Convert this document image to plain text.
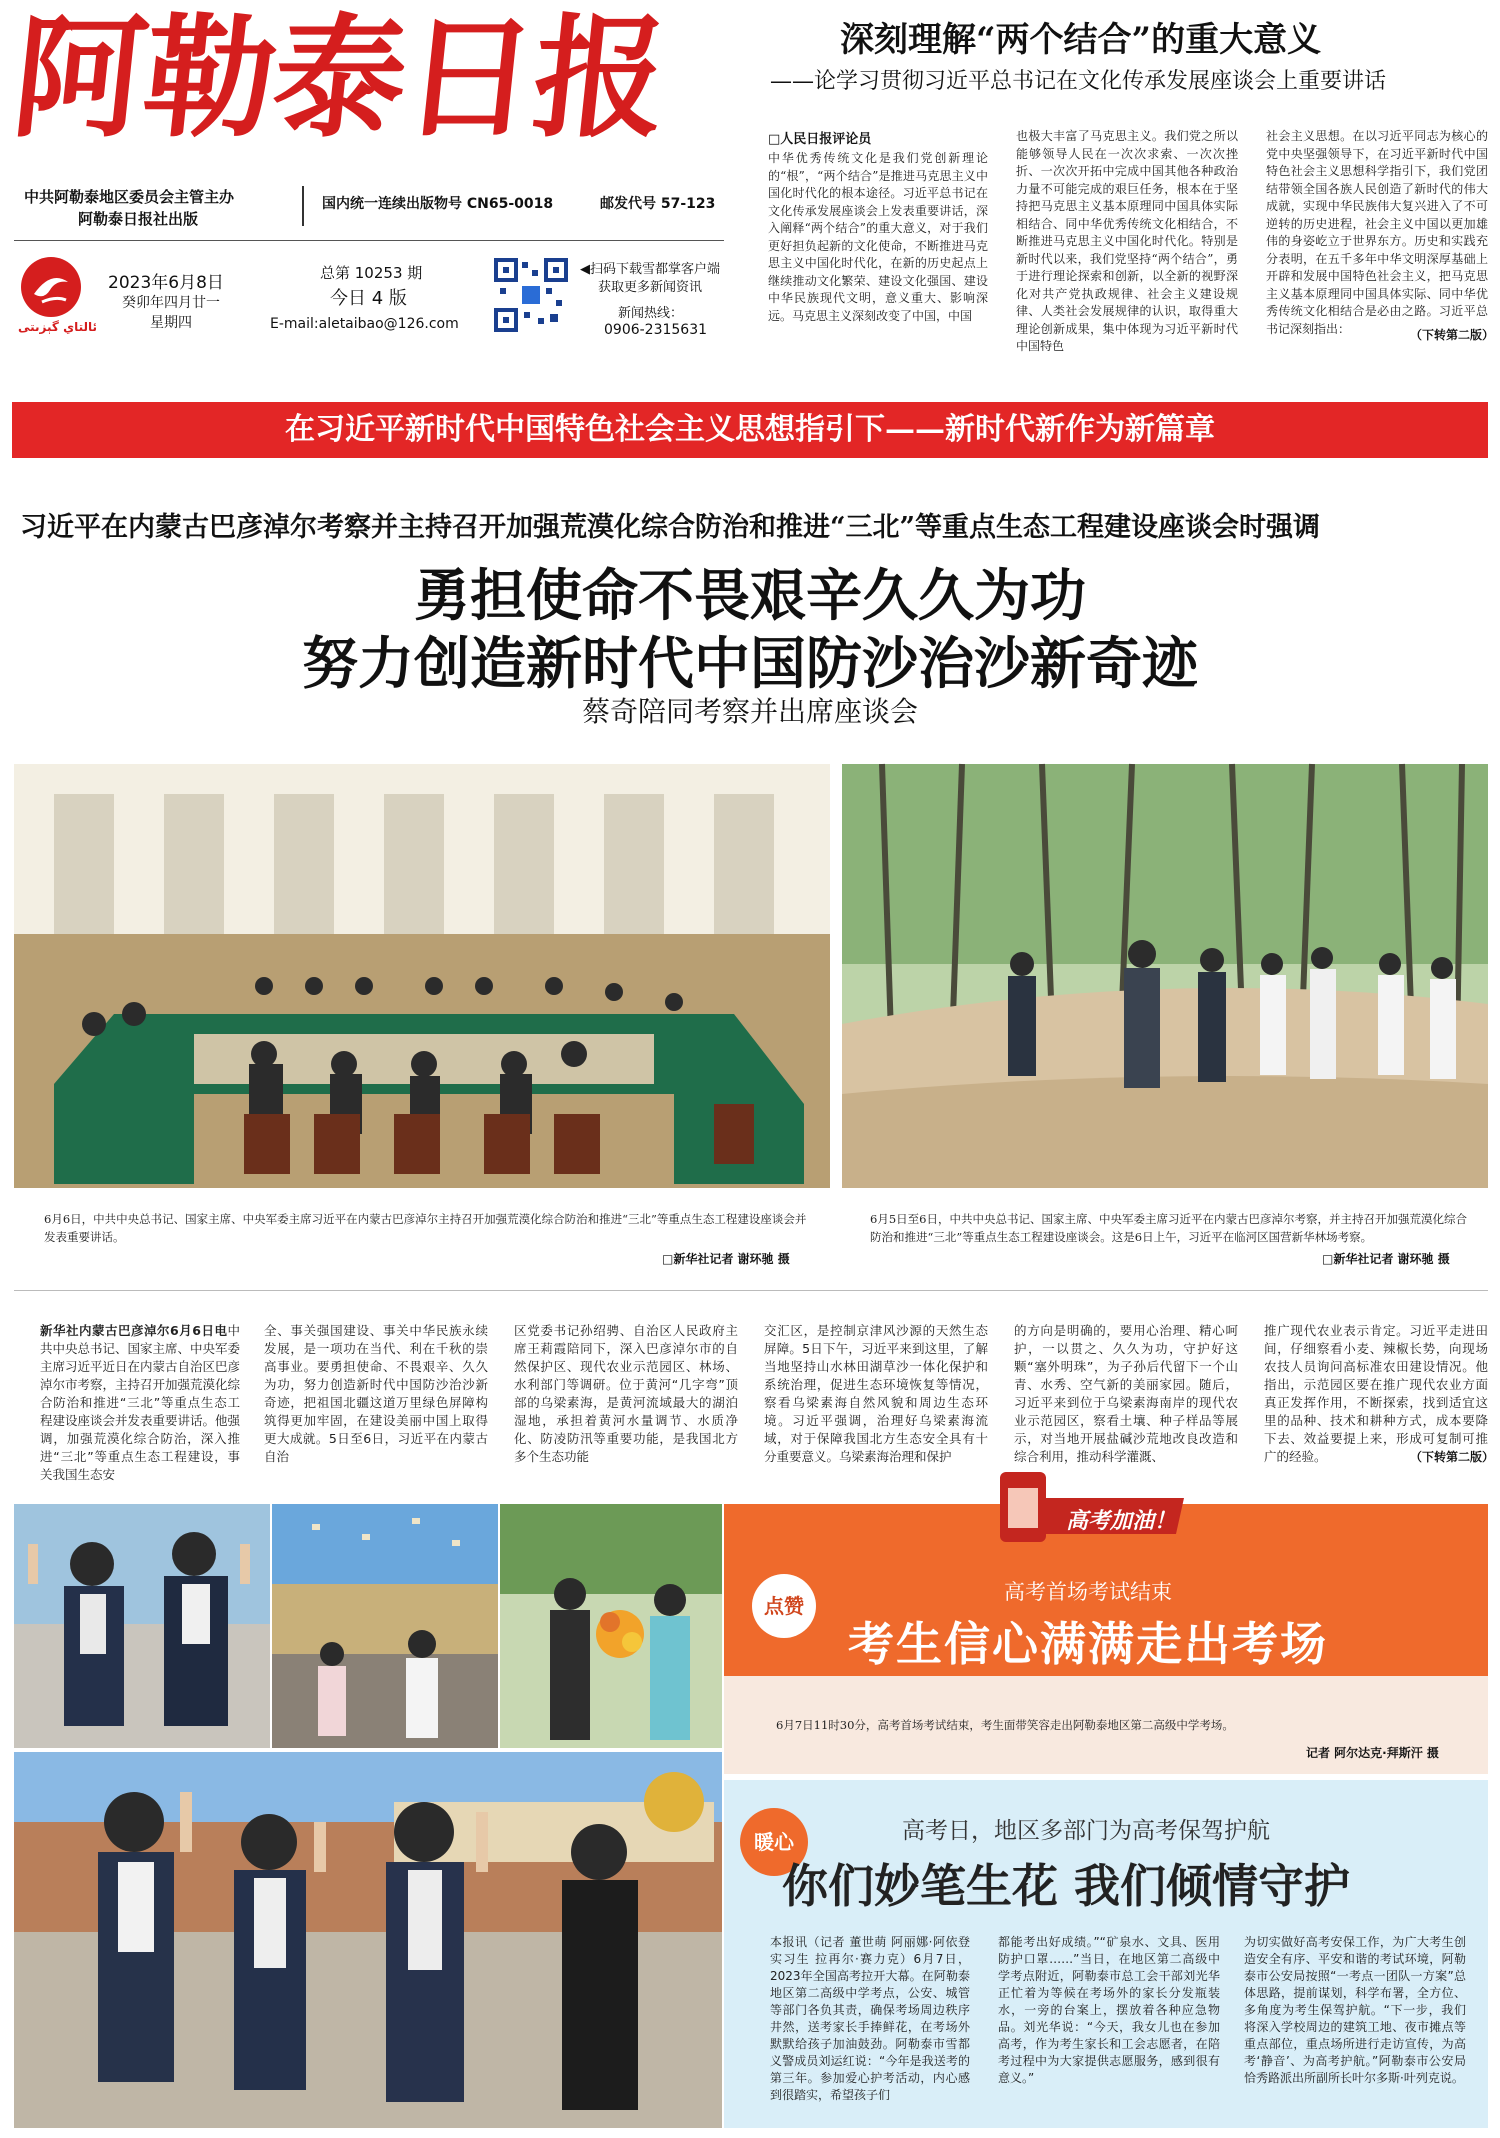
阿勒泰日报
中共阿勒泰地区委员会主管主办
阿勒泰日报社出版
国内统一连续出版物号 CN65-0018	邮发代号 57-123
ئالتاي گېزىتى
2023年6月8日
癸卯年四月廿一
星期四
总第 10253 期
今日 4 版
E-mail:aletaibao@126.com
◀扫码下载雪都掌客户端
获取更多新闻资讯
新闻热线：
0906-2315631
深刻理解“两个结合”的重大意义
——论学习贯彻习近平总书记在文化传承发展座谈会上重要讲话
□人民日报评论员
中华优秀传统文化是我们党创新理论的“根”，“两个结合”是推进马克思主义中国化时代化的根本途径。习近平总书记在文化传承发展座谈会上发表重要讲话，深入阐释“两个结合”的重大意义，对于我们更好担负起新的文化使命，不断推进马克思主义中国化时代化，在新的历史起点上继续推动文化繁荣、建设文化强国、建设中华民族现代文明，意义重大、影响深远。马克思主义深刻改变了中国，中国
也极大丰富了马克思主义。我们党之所以能够领导人民在一次次求索、一次次挫折、一次次开拓中完成中国其他各种政治力量不可能完成的艰巨任务，根本在于坚持把马克思主义基本原理同中国具体实际相结合、同中华优秀传统文化相结合，不断推进马克思主义中国化时代化。特别是新时代以来，我们党坚持“两个结合”，勇于进行理论探索和创新，以全新的视野深化对共产党执政规律、社会主义建设规律、人类社会发展规律的认识，取得重大理论创新成果，集中体现为习近平新时代中国特色
社会主义思想。在以习近平同志为核心的党中央坚强领导下，在习近平新时代中国特色社会主义思想科学指引下，我们党团结带领全国各族人民创造了新时代的伟大成就，实现中华民族伟大复兴进入了不可逆转的历史进程，社会主义中国以更加雄伟的身姿屹立于世界东方。历史和实践充分表明，在五千多年中华文明深厚基础上开辟和发展中国特色社会主义，把马克思主义基本原理同中国具体实际、同中华优秀传统文化相结合是必由之路。习近平总书记深刻指出：	（下转第二版）
在习近平新时代中国特色社会主义思想指引下——新时代新作为新篇章
习近平在内蒙古巴彦淖尔考察并主持召开加强荒漠化综合防治和推进“三北”等重点生态工程建设座谈会时强调
勇担使命不畏艰辛久久为功
努力创造新时代中国防沙治沙新奇迹
蔡奇陪同考察并出席座谈会
6月6日，中共中央总书记、国家主席、中央军委主席习近平在内蒙古巴彦淖尔主持召开加强荒漠化综合防治和推进“三北”等重点生态工程建设座谈会并发表重要讲话。
□新华社记者 谢环驰 摄
6月5日至6日，中共中央总书记、国家主席、中央军委主席习近平在内蒙古巴彦淖尔考察，并主持召开加强荒漠化综合防治和推进“三北”等重点生态工程建设座谈会。这是6日上午，习近平在临河区国营新华林场考察。
□新华社记者 谢环驰 摄
新华社内蒙古巴彦淖尔6月6日电中共中央总书记、国家主席、中央军委主席习近平近日在内蒙古自治区巴彦淖尔市考察，主持召开加强荒漠化综合防治和推进“三北”等重点生态工程建设座谈会并发表重要讲话。他强调，加强荒漠化综合防治，深入推进“三北”等重点生态工程建设，事关我国生态安
全、事关强国建设、事关中华民族永续发展，是一项功在当代、利在千秋的崇高事业。要勇担使命、不畏艰辛、久久为功，努力创造新时代中国防沙治沙新奇迹，把祖国北疆这道万里绿色屏障构筑得更加牢固，在建设美丽中国上取得更大成就。5日至6日，习近平在内蒙古自治
区党委书记孙绍骋、自治区人民政府主席王莉霞陪同下，深入巴彦淖尔市的自然保护区、现代农业示范园区、林场、水利部门等调研。位于黄河“几字弯”顶部的乌梁素海，是黄河流域最大的湖泊湿地，承担着黄河水量调节、水质净化、防凌防汛等重要功能，是我国北方多个生态功能
交汇区，是控制京津风沙源的天然生态屏障。5日下午，习近平来到这里，了解当地坚持山水林田湖草沙一体化保护和系统治理，促进生态环境恢复等情况，察看乌梁素海自然风貌和周边生态环境。习近平强调，治理好乌梁素海流域，对于保障我国北方生态安全具有十分重要意义。乌梁素海治理和保护
的方向是明确的，要用心治理、精心呵护，一以贯之、久久为功，守护好这颗“塞外明珠”，为子孙后代留下一个山青、水秀、空气新的美丽家园。随后，习近平来到位于乌梁素海南岸的现代农业示范园区，察看土壤、种子样品等展示，对当地开展盐碱沙荒地改良改造和综合利用，推动科学灌溉、
推广现代农业表示肯定。习近平走进田间，仔细察看小麦、辣椒长势，向现场农技人员询问高标准农田建设情况。他指出，示范园区要在推广现代农业方面真正发挥作用，不断探索，找到适宜这里的品种、技术和耕种方式，成本要降下去、效益要提上来，形成可复制可推广的经验。	（下转第二版）
高考加油！
点赞
高考首场考试结束
考生信心满满走出考场
6月7日11时30分，高考首场考试结束，考生面带笑容走出阿勒泰地区第二高级中学考场。
记者 阿尔达克·拜斯汗 摄
暖心	高考日，地区多部门为高考保驾护航
你们妙笔生花 我们倾情守护
本报讯（记者 董世萌 阿丽娜·阿依登 实习生 拉再尔·赛力克）6月7日，2023年全国高考拉开大幕。在阿勒泰地区第二高级中学考点，公安、城管等部门各负其责，确保考场周边秩序井然，送考家长手捧鲜花，在考场外默默给孩子加油鼓劲。阿勒泰市雪都义警成员刘运红说：“今年是我送考的第三年。参加爱心护考活动，内心感到很踏实，希望孩子们
都能考出好成绩。”“矿泉水、文具、医用防护口罩……”当日，在地区第二高级中学考点附近，阿勒泰市总工会干部刘光华正忙着为等候在考场外的家长分发瓶装水，一旁的台案上，摆放着各种应急物品。刘光华说：“今天，我女儿也在参加高考，作为考生家长和工会志愿者，在陪考过程中为大家提供志愿服务，感到很有意义。”
为切实做好高考安保工作，为广大考生创造安全有序、平安和谐的考试环境，阿勒泰市公安局按照“一考点一团队一方案”总体思路，提前谋划，科学布署，全方位、多角度为考生保驾护航。“下一步，我们将深入学校周边的建筑工地、夜市摊点等重点部位，重点场所进行走访宣传，为高考‘静音’、为高考护航。”阿勒泰市公安局恰秀路派出所副所长叶尔多斯·叶列克说。
